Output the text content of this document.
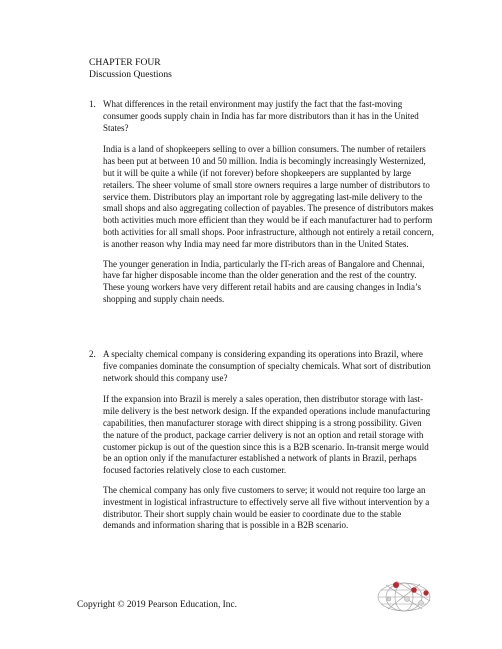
CHAPTER FOUR
Discussion Questions
1. What differences in the retail environment may justify the fact that the fast-moving consumer goods supply chain in India has far more distributors than it has in the United States?

India is a land of shopkeepers selling to over a billion consumers. The number of retailers has been put at between 10 and 50 million. India is becomingly increasingly Westernized, but it will be quite a while (if not forever) before shopkeepers are supplanted by large retailers. The sheer volume of small store owners requires a large number of distributors to service them. Distributors play an important role by aggregating last-mile delivery to the small shops and also aggregating collection of payables. The presence of distributors makes both activities much more efficient than they would be if each manufacturer had to perform both activities for all small shops. Poor infrastructure, although not entirely a retail concern, is another reason why India may need far more distributors than in the United States.

The younger generation in India, particularly the IT-rich areas of Bangalore and Chennai, have far higher disposable income than the older generation and the rest of the country. These young workers have very different retail habits and are causing changes in India’s shopping and supply chain needs.

2. A specialty chemical company is considering expanding its operations into Brazil, where five companies dominate the consumption of specialty chemicals. What sort of distribution network should this company use?

If the expansion into Brazil is merely a sales operation, then distributor storage with last-mile delivery is the best network design. If the expanded operations include manufacturing capabilities, then manufacturer storage with direct shipping is a strong possibility. Given the nature of the product, package carrier delivery is not an option and retail storage with customer pickup is out of the question since this is a B2B scenario. In-transit merge would be an option only if the manufacturer established a network of plants in Brazil, perhaps focused factories relatively close to each customer.

The chemical company has only five customers to serve; it would not require too large an investment in logistical infrastructure to effectively serve all five without intervention by a distributor. Their short supply chain would be easier to coordinate due to the stable demands and information sharing that is possible in a B2B scenario.

Copyright © 2019 Pearson Education, Inc.
